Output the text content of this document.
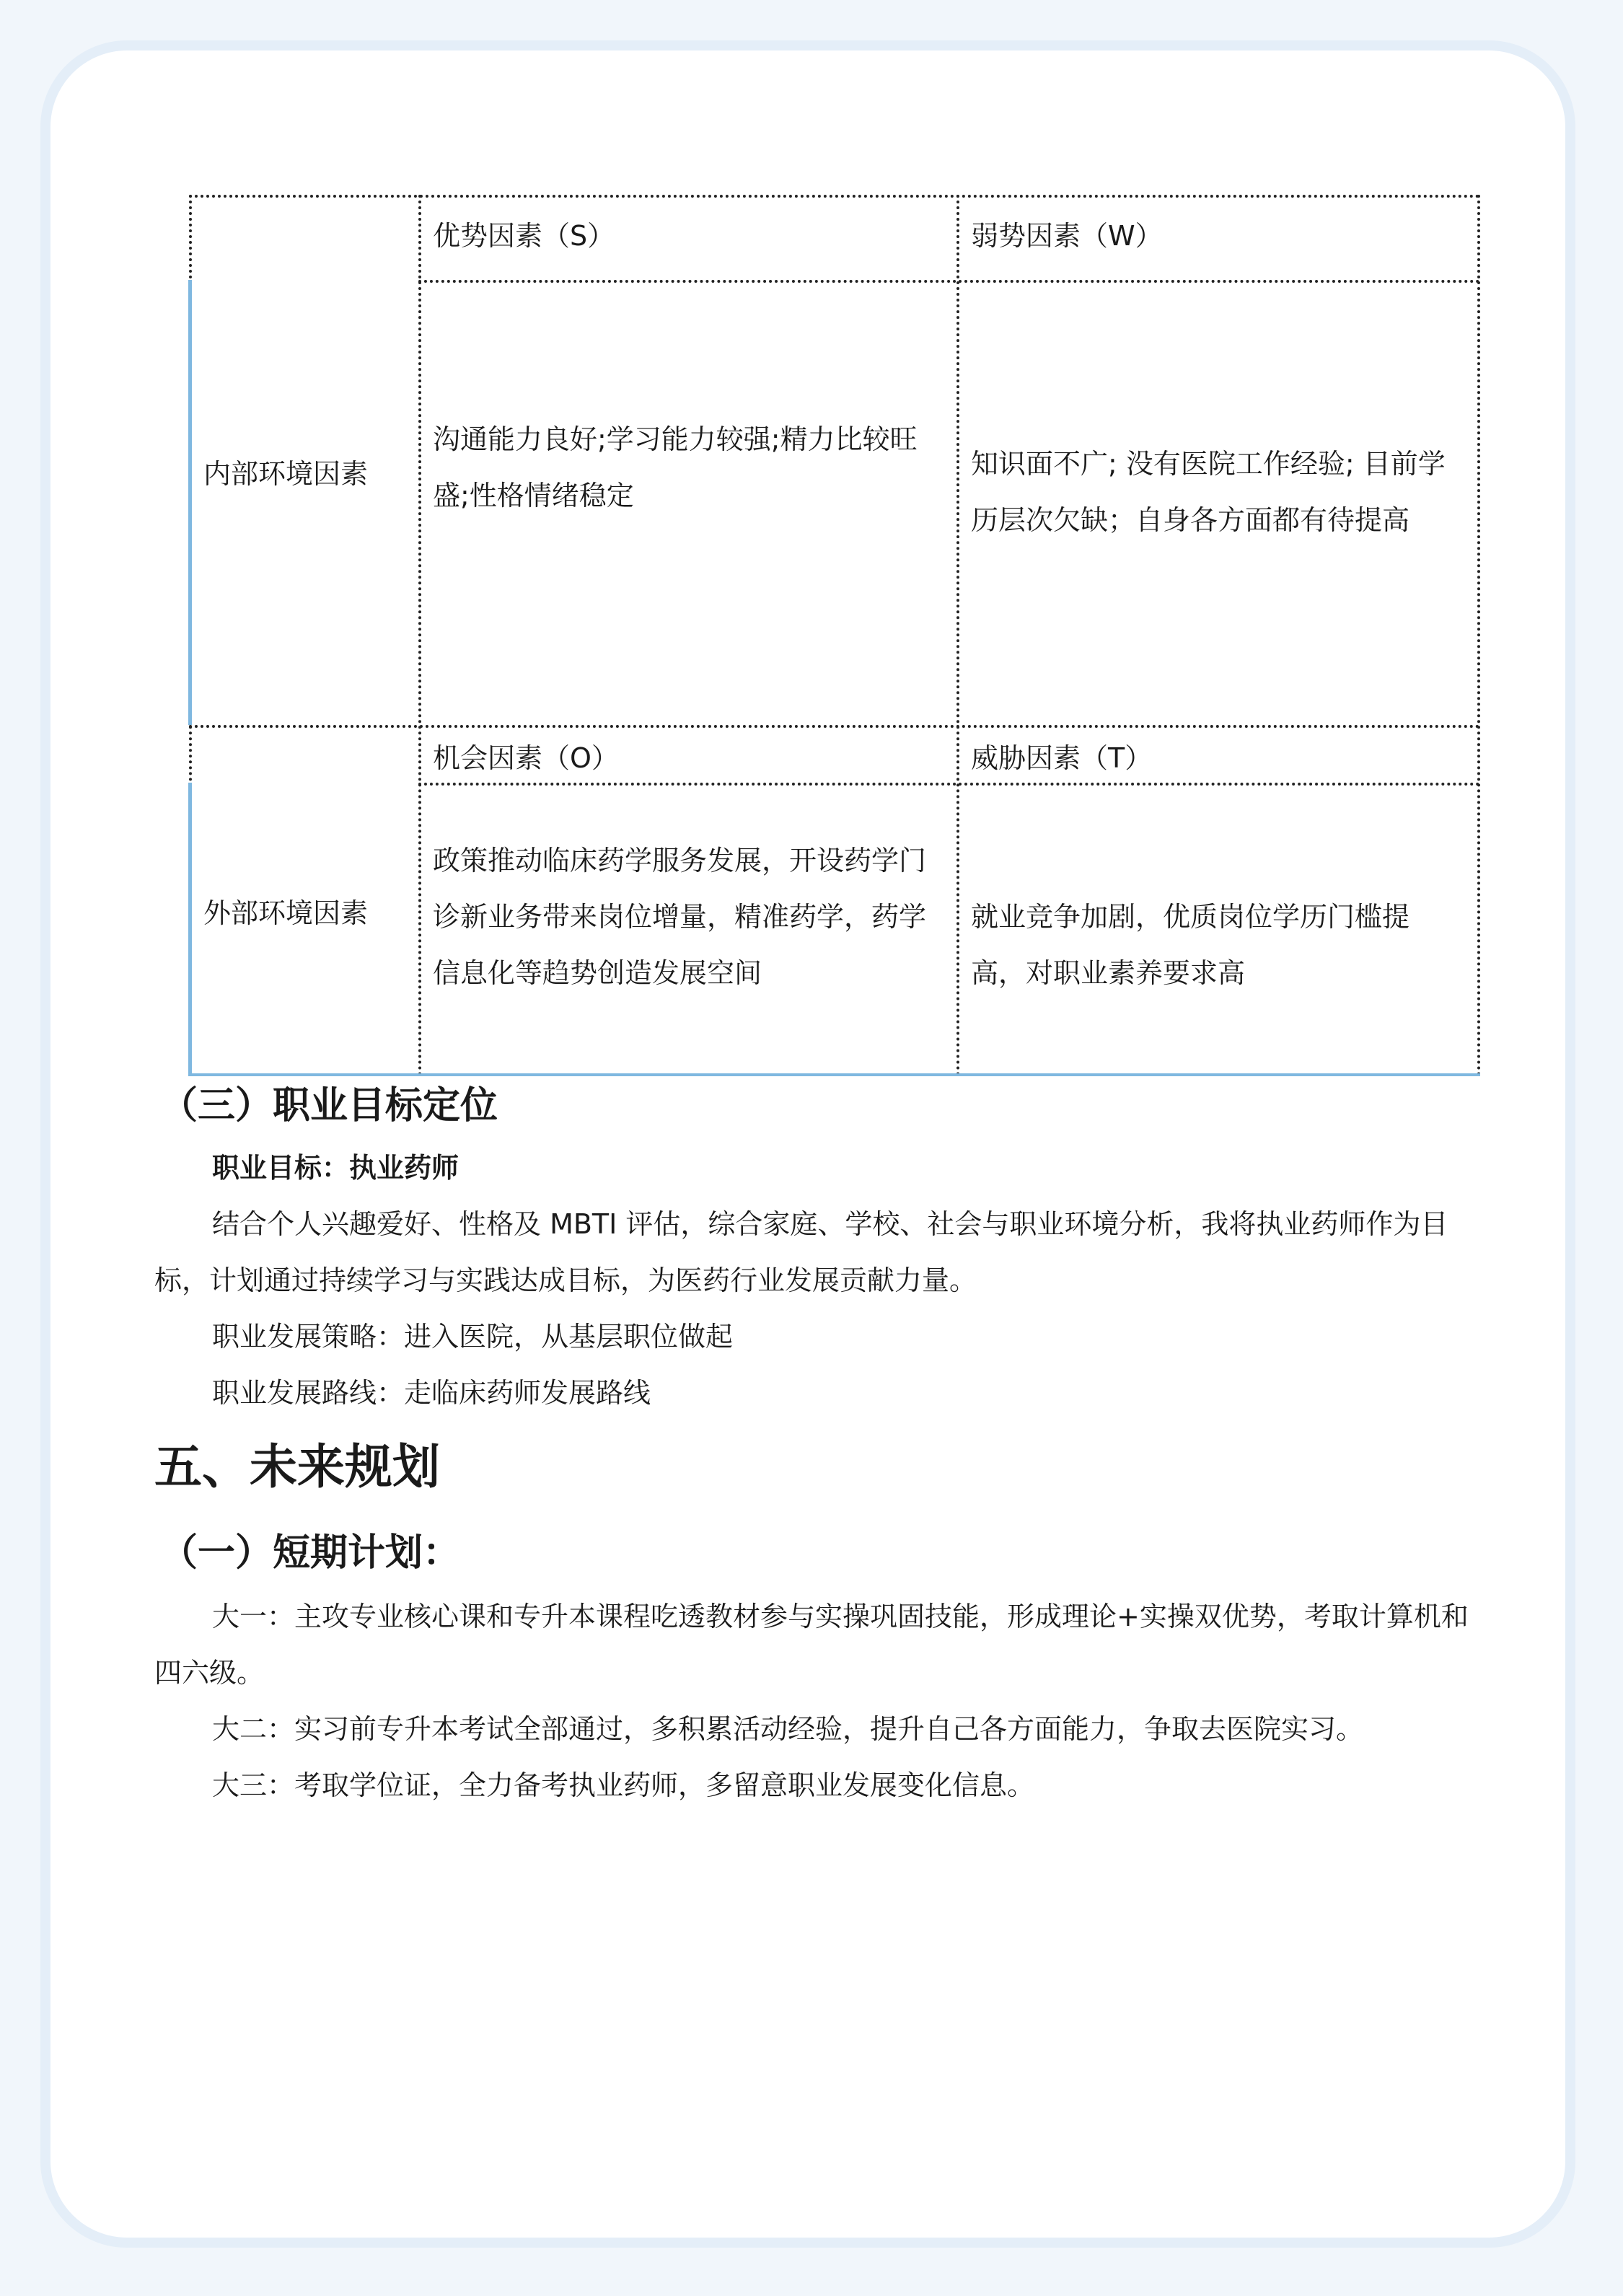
内部环境因素
外部环境因素
优势因素（S）	弱势因素（W）
沟通能力良好;学习能力较强;精力比较旺盛;性格情绪稳定
知识面不广; 没有医院工作经验; 目前学历层次欠缺；自身各方面都有待提高
机会因素（O）	威胁因素（T）
政策推动临床药学服务发展，开设药学门诊新业务带来岗位增量，精准药学，药学信息化等趋势创造发展空间
就业竞争加剧，优质岗位学历门槛提高，对职业素养要求高
（三）职业目标定位
职业目标：执业药师
结合个人兴趣爱好、性格及 MBTI 评估，综合家庭、学校、社会与职业环境分析，我将执业药师作为目标，计划通过持续学习与实践达成目标，为医药行业发展贡献力量。
职业发展策略：进入医院，从基层职位做起
职业发展路线：走临床药师发展路线
五、未来规划
（一）短期计划：
大一：主攻专业核心课和专升本课程吃透教材参与实操巩固技能，形成理论+实操双优势，考取计算机和四六级。
大二：实习前专升本考试全部通过，多积累活动经验，提升自己各方面能力，争取去医院实习。
大三：考取学位证，全力备考执业药师，多留意职业发展变化信息。
